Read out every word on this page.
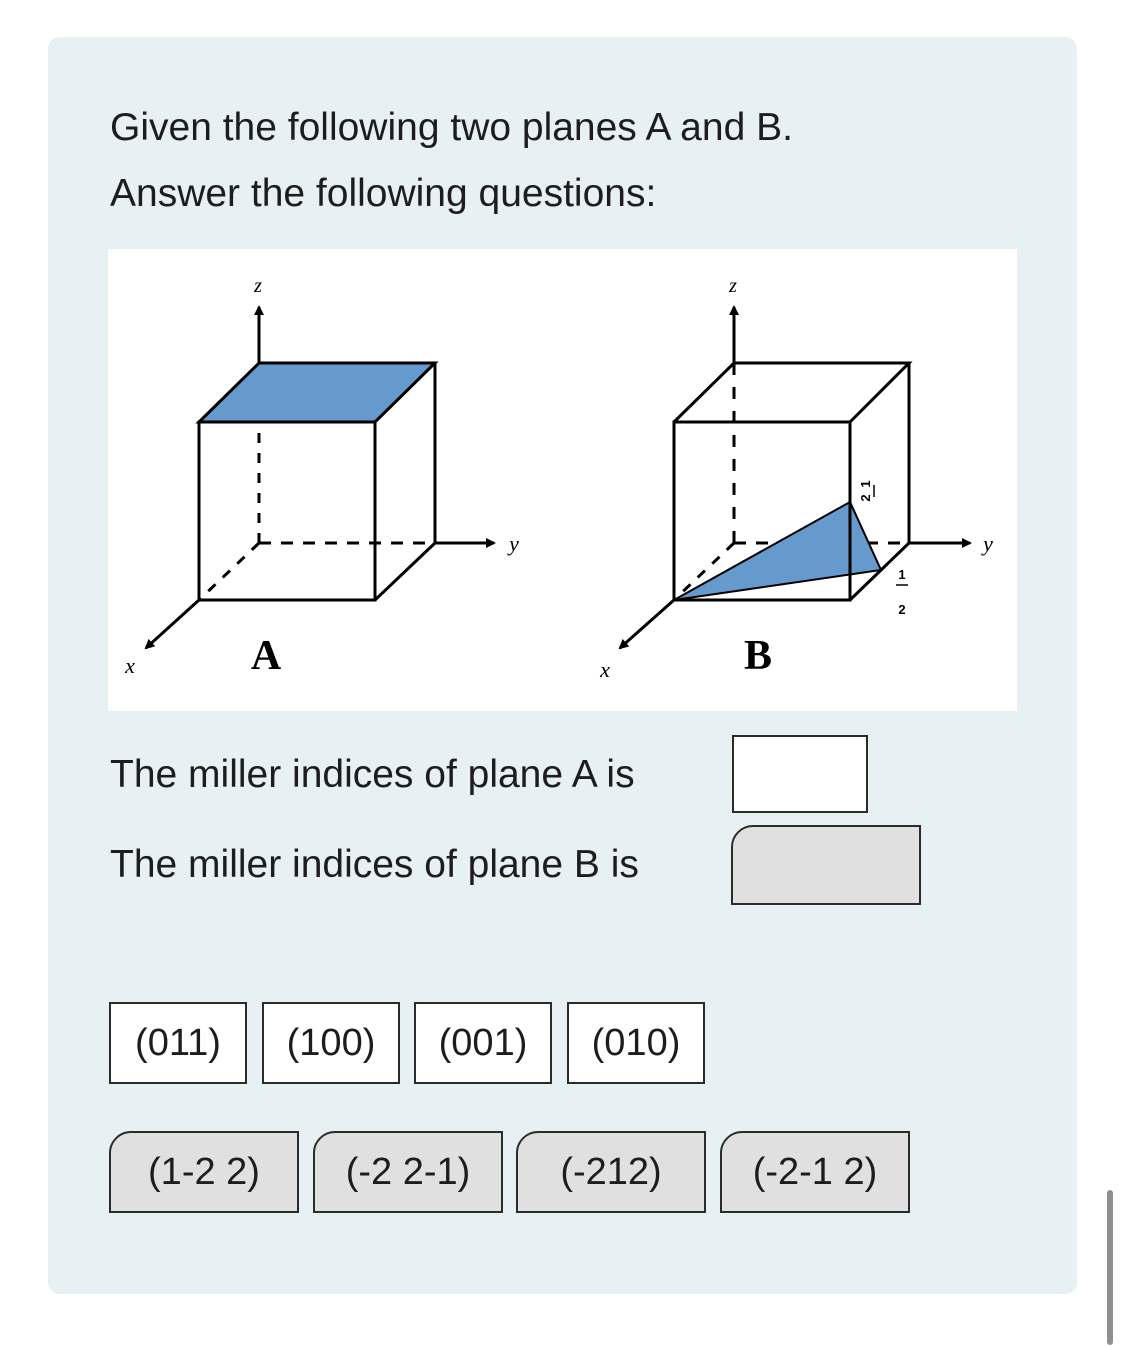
Given the following two planes A and B.
Answer the following questions:
z
y
x	A
z
y
x	B
1
2
1
2
The miller indices of plane A is
The miller indices of plane B is
(011)	(100)	(001)	(010)
(1-2 2)	(-2 2-1)	(-212)	(-2-1 2)
